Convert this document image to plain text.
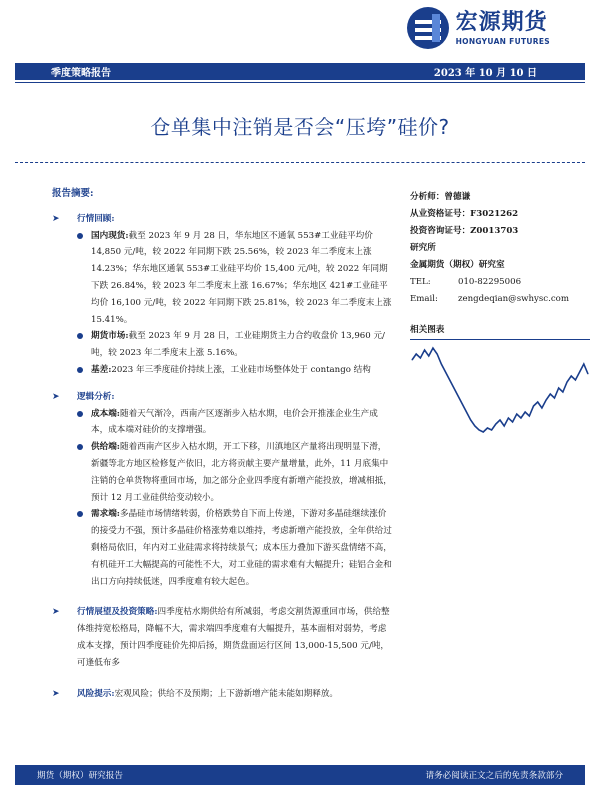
宏源期货
HONGYUAN FUTURES
季度策略报告	2023 年 10 月 10 日
仓单集中注销是否会“压垮”硅价?
报告摘要:
➤ 行情回顾:
国内现货:截至 2023 年 9 月 28 日，华东地区不通氧 553#工业硅平均价 14,850 元/吨，较 2022 年同期下跌 25.56%，较 2023 年二季度末上涨 14.23%；华东地区通氧 553#工业硅平均价 15,400 元/吨，较 2022 年同期下跌 26.84%，较 2023 年二季度末上涨 16.67%；华东地区 421#工业硅平均价 16,100 元/吨，较 2022 年同期下跌 25.81%，较 2023 年二季度末上涨 15.41%。
期货市场:截至 2023 年 9 月 28 日，工业硅期货主力合约收盘价 13,960 元/吨，较 2023 年二季度末上涨 5.16%。
基差:2023 年三季度硅价持续上涨，工业硅市场整体处于 contango 结构
➤ 逻辑分析:
成本端:随着天气渐冷，西南产区逐渐步入枯水期，电价会开推涨企业生产成本，成本端对硅价的支撑增强。
供给端:随着西南产区步入枯水期，开工下移，川滇地区产量将出现明显下滑，新疆等北方地区检修复产依旧，北方将贡献主要产量增量，此外，11 月底集中注销的仓单货物将重回市场，加之部分企业四季度有新增产能投放，增减相抵，预计 12 月工业硅供给变动较小。
需求端:多晶硅市场情绪转弱，价格跌势自下而上传递，下游对多晶硅继续涨价的接受力不强，预计多晶硅价格涨势难以维持，考虑新增产能投放，全年供给过剩格局依旧，年内对工业硅需求将持续景气；成本压力叠加下游买盘情绪不高，有机硅开工大幅提高的可能性不大，对工业硅的需求难有大幅提升；硅铝合金和出口方向持续低迷，四季度难有较大起色。
➤ 行情展望及投资策略:四季度枯水期供给有所减弱，考虑交割货源重回市场，供给整体维持宽松格局，降幅不大，需求端四季度难有大幅提升，基本面相对弱势，考虑成本支撑，预计四季度硅价先抑后扬，期货盘面运行区间 13,000-15,500 元/吨，可逢低布多
➤ 风险提示:宏观风险；供给不及预期；上下游新增产能未能如期释放。
分析师：曾德谦
从业资格证号：F3021262
投资咨询证号：Z0013703
研究所
金属期货（期权）研究室
TEL:	010-82295006
Email:	zengdeqian@swhysc.com
相关图表
期货（期权）研究报告	请务必阅读正文之后的免责条款部分
